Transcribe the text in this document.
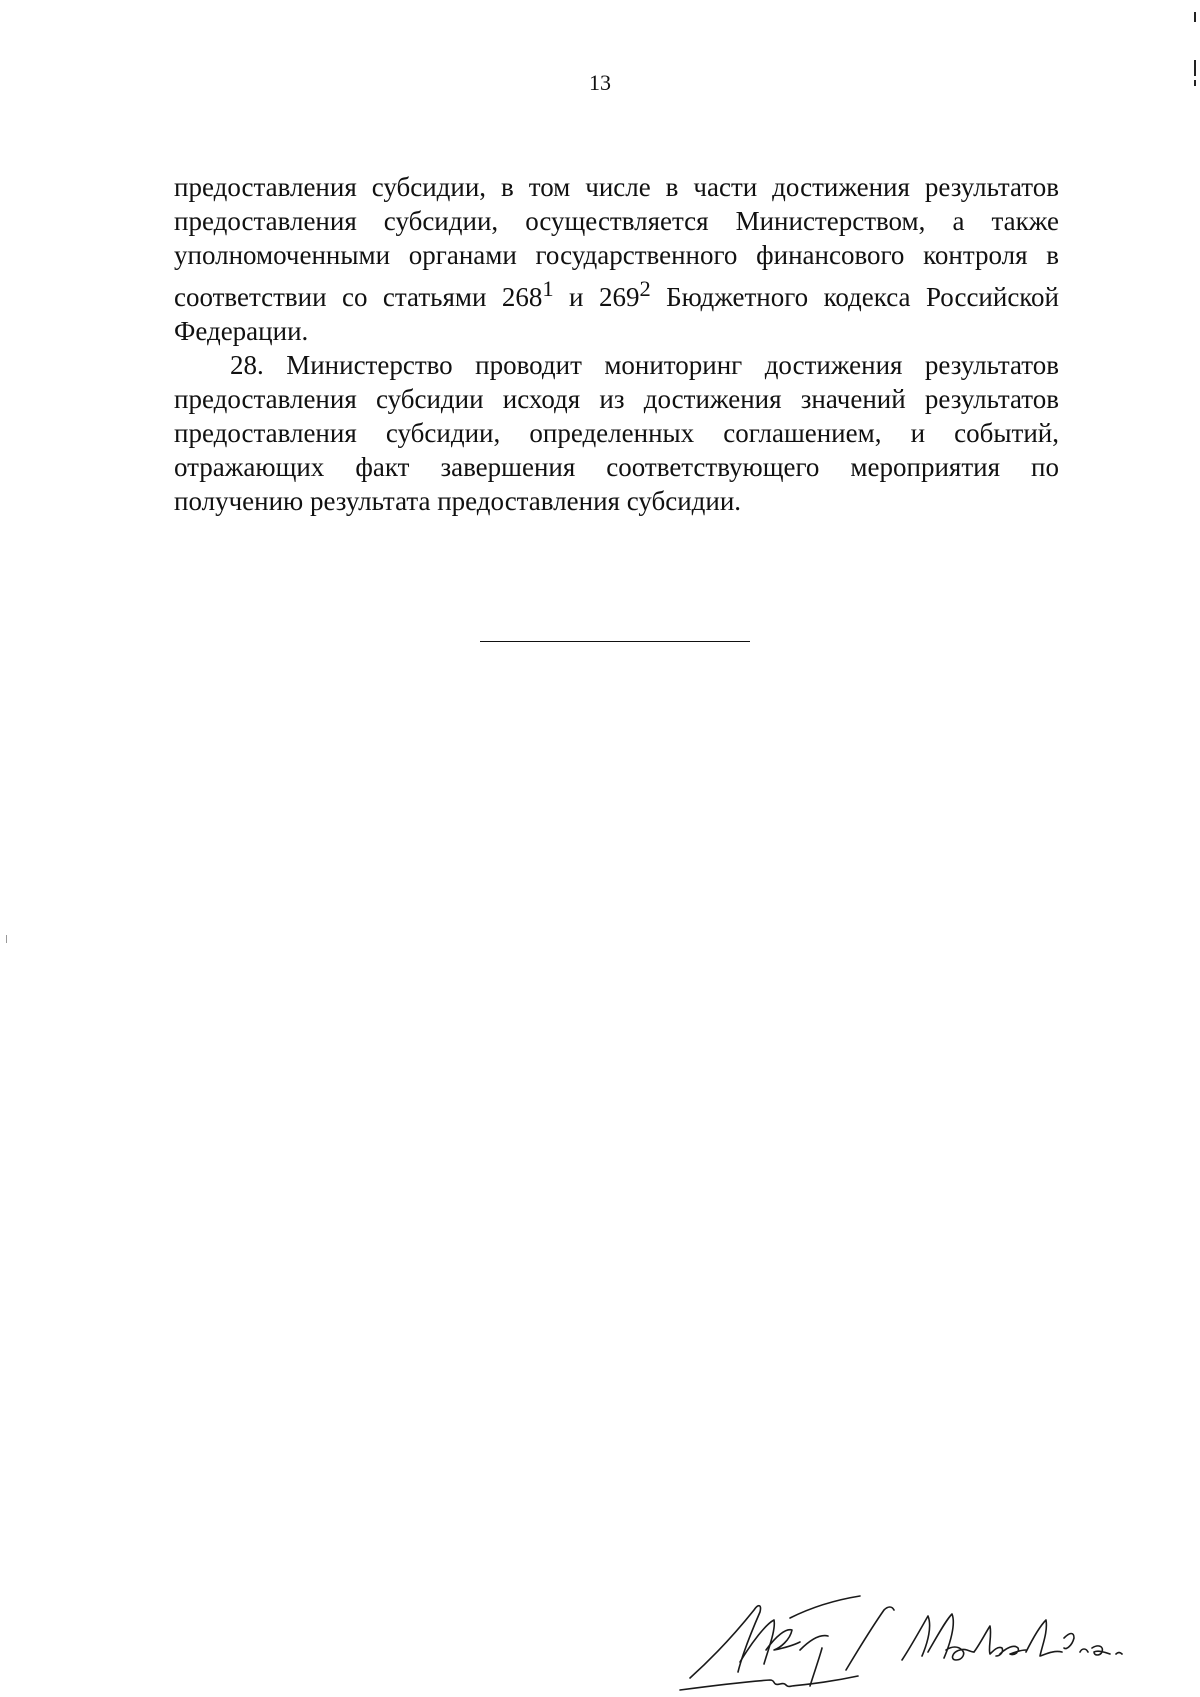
13

предоставления субсидии, в том числе в части достижения результатов предоставления субсидии, осуществляется Министерством, а также уполномоченными органами государственного финансового контроля в соответствии со статьями $268^1$ и $269^2$ Бюджетного кодекса Российской Федерации.

28. Министерство проводит мониторинг достижения результатов предоставления субсидии исходя из достижения значений результатов предоставления субсидии, определенных соглашением, и событий, отражающих факт завершения соответствующего мероприятия по получению результата предоставления субсидии.
